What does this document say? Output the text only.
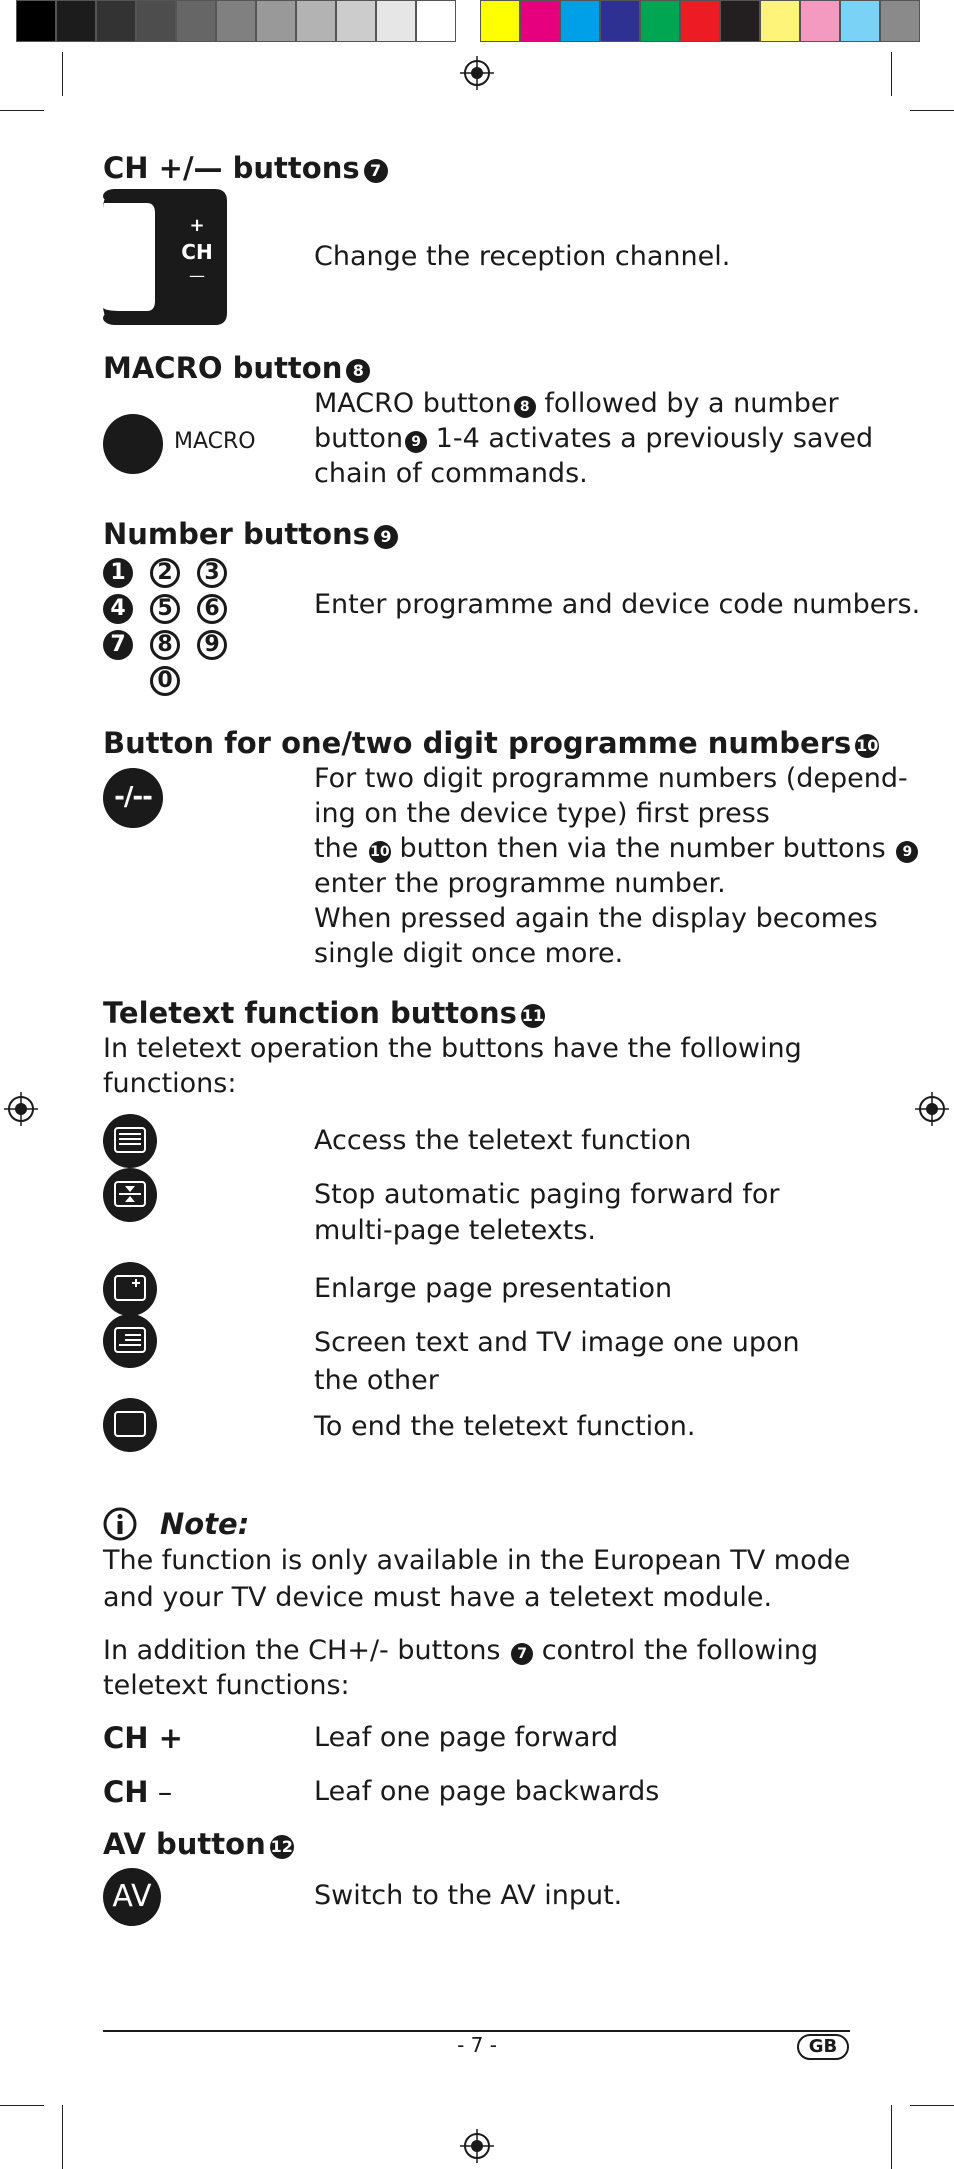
CH +/— buttons 7
+
CH
—
Change the reception channel.
MACRO button 8
MACRO
MACRO button 8 followed by a number
button 9 1-4 activates a previously saved
chain of commands.
Number buttons 9
1	2	3
4	5	6
7	8	9
0
Enter programme and device code numbers.
Button for one/two digit programme numbers 10
-/--
For two digit programme numbers (depend-
ing on the device type) first press
the 10 button then via the number buttons 9
enter the programme number.
When pressed again the display becomes
single digit once more.
Teletext function buttons 11
In teletext operation the buttons have the following
functions:
Access the teletext function
Stop automatic paging forward for
multi-page teletexts.
Enlarge page presentation
Screen text and TV image one upon
the other
To end the teletext function.
Note:
The function is only available in the European TV mode
and your TV device must have a teletext module.
In addition the CH+/- buttons 7 control the following
teletext functions:
CH +	Leaf one page forward
CH –	Leaf one page backwards
AV button 12
AV	Switch to the AV input.
- 7 -	GB
